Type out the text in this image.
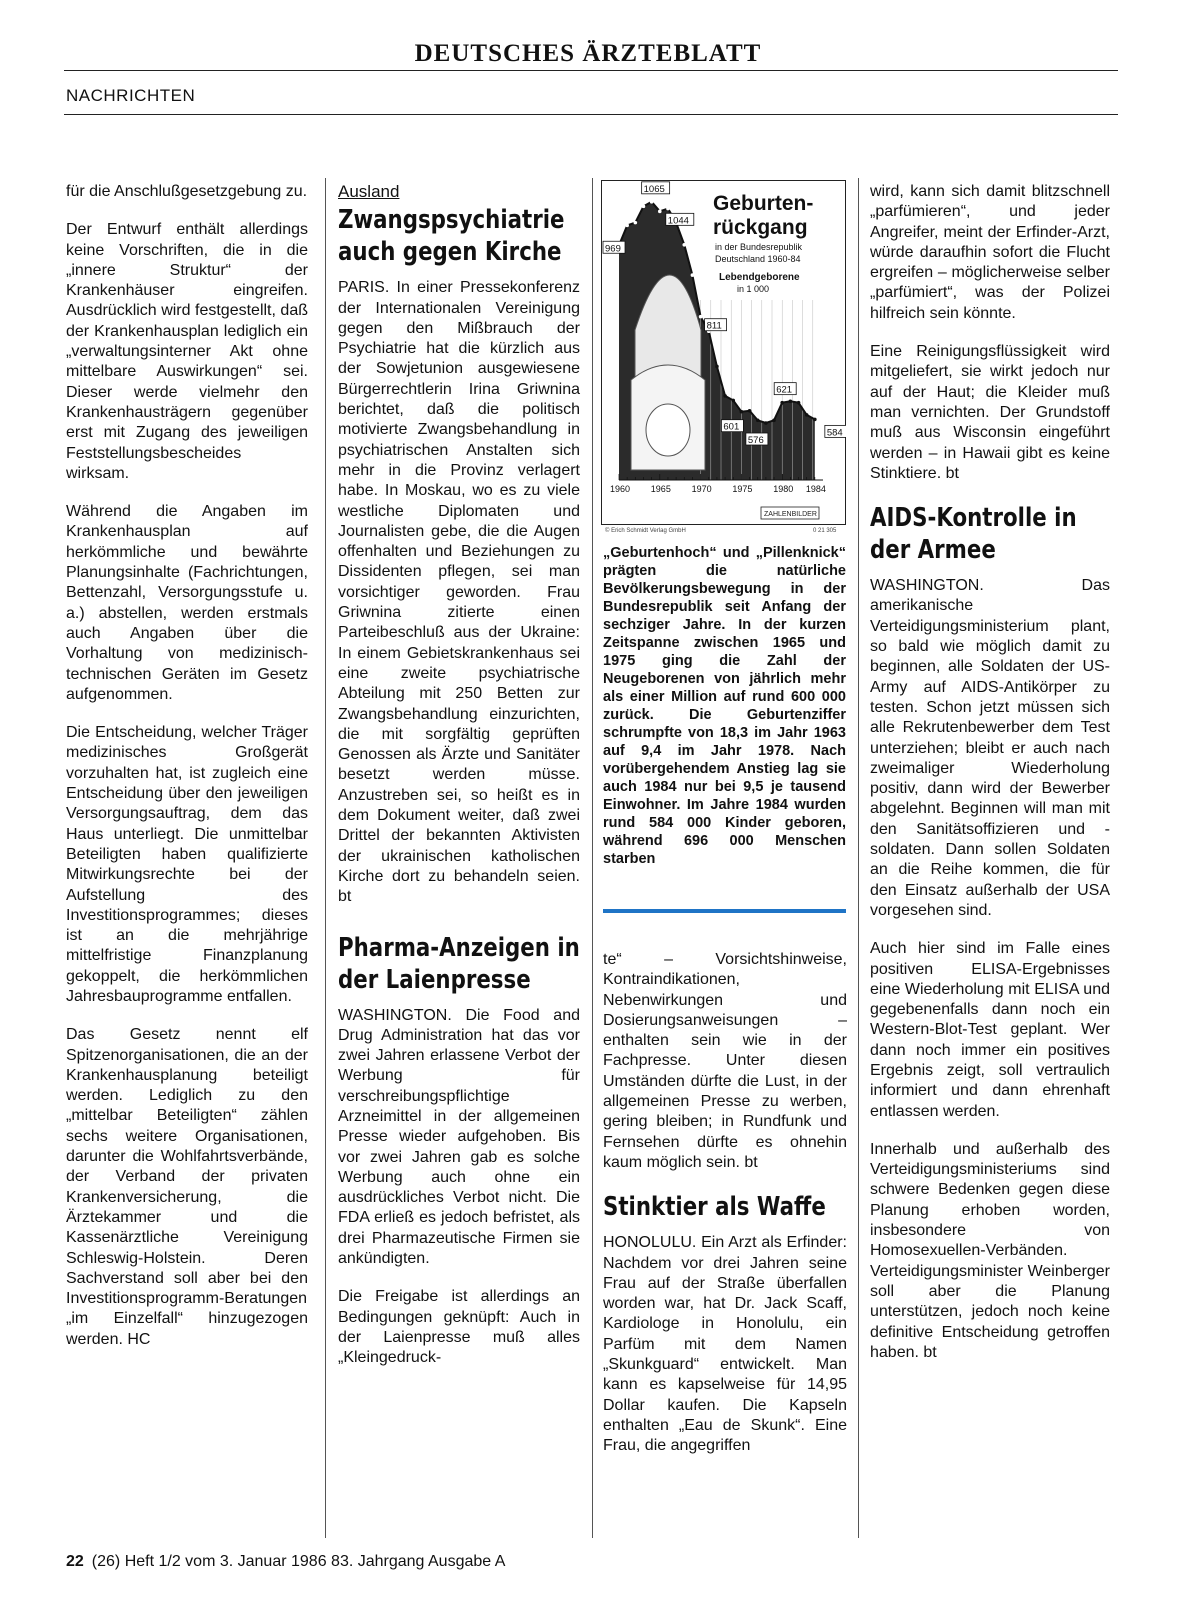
DEUTSCHES ÄRZTEBLATT
NACHRICHTEN

für die Anschlußgesetzgebung zu.

Der Entwurf enthält allerdings keine Vorschriften, die in die „innere Struktur“ der Krankenhäuser eingreifen. Ausdrücklich wird festgestellt, daß der Krankenhausplan lediglich ein „verwaltungsinterner Akt ohne mittelbare Auswirkungen“ sei. Dieser werde vielmehr den Krankenhausträgern gegenüber erst mit Zugang des jeweiligen Feststellungsbescheides wirksam.

Während die Angaben im Krankenhausplan auf herkömmliche und bewährte Planungsinhalte (Fachrichtungen, Bettenzahl, Versorgungsstufe u. a.) abstellen, werden erstmals auch Angaben über die Vorhaltung von medizinisch-technischen Geräten im Gesetz aufgenommen.

Die Entscheidung, welcher Träger medizinisches Großgerät vorzuhalten hat, ist zugleich eine Entscheidung über den jeweiligen Versorgungsauftrag, dem das Haus unterliegt. Die unmittelbar Beteiligten haben qualifizierte Mitwirkungsrechte bei der Aufstellung des Investitionsprogrammes; dieses ist an die mehrjährige mittelfristige Finanzplanung gekoppelt, die herkömmlichen Jahresbauprogramme entfallen.

Das Gesetz nennt elf Spitzenorganisationen, die an der Krankenhausplanung beteiligt werden. Lediglich zu den „mittelbar Beteiligten“ zählen sechs weitere Organisationen, darunter die Wohlfahrtsverbände, der Verband der privaten Krankenversicherung, die Ärztekammer und die Kassenärztliche Vereinigung Schleswig-Holstein. Deren Sachverstand soll aber bei den Investitionsprogramm-Beratungen „im Einzelfall“ hinzugezogen werden. HC

Ausland
Zwangspsychiatrie auch gegen Kirche

PARIS. In einer Pressekonferenz der Internationalen Vereinigung gegen den Mißbrauch der Psychiatrie hat die kürzlich aus der Sowjetunion ausgewiesene Bürgerrechtlerin Irina Griwnina berichtet, daß die politisch motivierte Zwangsbehandlung in psychiatrischen Anstalten sich mehr in die Provinz verlagert habe. In Moskau, wo es zu viele westliche Diplomaten und Journalisten gebe, die die Augen offenhalten und Beziehungen zu Dissidenten pflegen, sei man vorsichtiger geworden. Frau Griwnina zitierte einen Parteibeschluß aus der Ukraine: In einem Gebietskrankenhaus sei eine zweite psychiatrische Abteilung mit 250 Betten zur Zwangsbehandlung einzurichten, die mit sorgfältig geprüften Genossen als Ärzte und Sanitäter besetzt werden müsse. Anzustreben sei, so heißt es in dem Dokument weiter, daß zwei Drittel der bekannten Aktivisten der ukrainischen katholischen Kirche dort zu behandeln seien. bt

Pharma-Anzeigen in der Laienpresse

WASHINGTON. Die Food and Drug Administration hat das vor zwei Jahren erlassene Verbot der Werbung für verschreibungspflichtige Arzneimittel in der allgemeinen Presse wieder aufgehoben. Bis vor zwei Jahren gab es solche Werbung auch ohne ein ausdrückliches Verbot nicht. Die FDA erließ es jedoch befristet, als drei Pharmazeutische Firmen sie ankündigten.

Die Freigabe ist allerdings an Bedingungen geknüpft: Auch in der Laienpresse muß alles „Kleingedruck-

1960 1965 1970 1975 1980 1984
969
1065
1044
811
601
576
621
584
Geburten-
rückgang
in der Bundesrepublik
Deutschland 1960-84
Lebendgeborene
in 1 000
ZAHLENBILDER
© Erich Schmidt Verlag GmbH	0 21 305
„Geburtenhoch“ und „Pillenknick“ prägten die natürliche Bevölkerungsbewegung in der Bundesrepublik seit Anfang der sechziger Jahre. In der kurzen Zeitspanne zwischen 1965 und 1975 ging die Zahl der Neugeborenen von jährlich mehr als einer Million auf rund 600 000 zurück. Die Geburtenziffer schrumpfte von 18,3 im Jahr 1963 auf 9,4 im Jahr 1978. Nach vorübergehendem Anstieg lag sie auch 1984 nur bei 9,5 je tausend Einwohner. Im Jahre 1984 wurden rund 584 000 Kinder geboren, während 696 000 Menschen starben

te“ – Vorsichtshinweise, Kontraindikationen, Nebenwirkungen und Dosierungsanweisungen – enthalten sein wie in der Fachpresse. Unter diesen Umständen dürfte die Lust, in der allgemeinen Presse zu werben, gering bleiben; in Rundfunk und Fernsehen dürfte es ohnehin kaum möglich sein. bt

Stinktier als Waffe

HONOLULU. Ein Arzt als Erfinder: Nachdem vor drei Jahren seine Frau auf der Straße überfallen worden war, hat Dr. Jack Scaff, Kardiologe in Honolulu, ein Parfüm mit dem Namen „Skunkguard“ entwickelt. Man kann es kapselweise für 14,95 Dollar kaufen. Die Kapseln enthalten „Eau de Skunk“. Eine Frau, die angegriffen

wird, kann sich damit blitzschnell „parfümieren“, und jeder Angreifer, meint der Erfinder-Arzt, würde daraufhin sofort die Flucht ergreifen – möglicherweise selber „parfümiert“, was der Polizei hilfreich sein könnte.

Eine Reinigungsflüssigkeit wird mitgeliefert, sie wirkt jedoch nur auf der Haut; die Kleider muß man vernichten. Der Grundstoff muß aus Wisconsin eingeführt werden – in Hawaii gibt es keine Stinktiere. bt

AIDS-Kontrolle in der Armee

WASHINGTON. Das amerikanische Verteidigungsministerium plant, so bald wie möglich damit zu beginnen, alle Soldaten der US-Army auf AIDS-Antikörper zu testen. Schon jetzt müssen sich alle Rekrutenbewerber dem Test unterziehen; bleibt er auch nach zweimaliger Wiederholung positiv, dann wird der Bewerber abgelehnt. Beginnen will man mit den Sanitätsoffizieren und -soldaten. Dann sollen Soldaten an die Reihe kommen, die für den Einsatz außerhalb der USA vorgesehen sind.

Auch hier sind im Falle eines positiven ELISA-Ergebnisses eine Wiederholung mit ELISA und gegebenenfalls dann noch ein Western-Blot-Test geplant. Wer dann noch immer ein positives Ergebnis zeigt, soll vertraulich informiert und dann ehrenhaft entlassen werden.

Innerhalb und außerhalb des Verteidigungsministeriums sind schwere Bedenken gegen diese Planung erhoben worden, insbesondere von Homosexuellen-Verbänden. Verteidigungsminister Weinberger soll aber die Planung unterstützen, jedoch noch keine definitive Entscheidung getroffen haben. bt

22 (26) Heft 1/2 vom 3. Januar 1986 83. Jahrgang Ausgabe A
